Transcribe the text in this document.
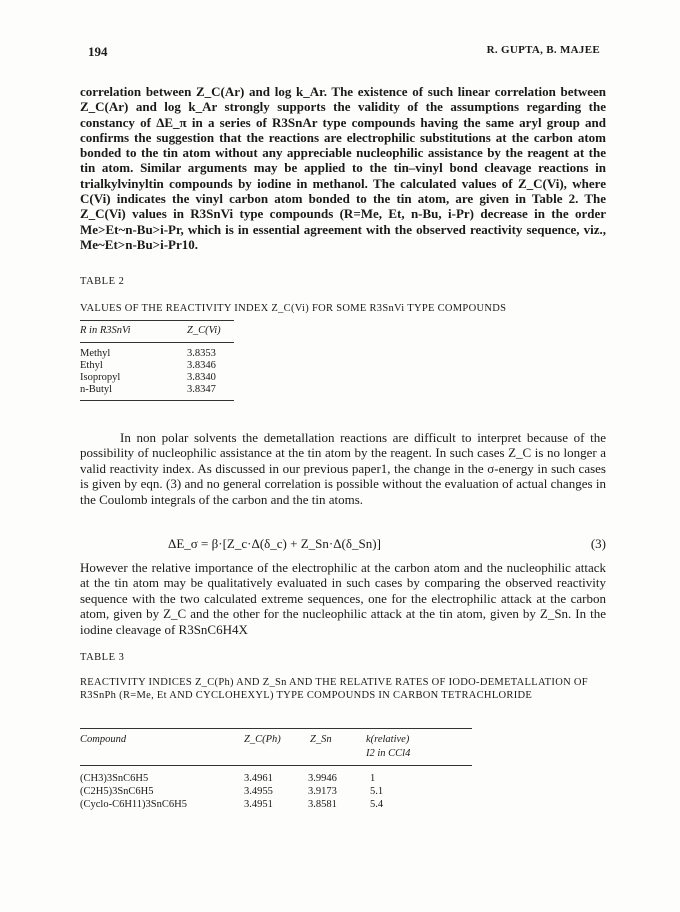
194	R. GUPTA, B. MAJEE

correlation between Z_C(Ar) and log k_Ar. The existence of such linear correlation between Z_C(Ar) and log k_Ar strongly supports the validity of the assumptions regarding the constancy of ΔE_π in a series of R3SnAr type compounds having the same aryl group and confirms the suggestion that the reactions are electrophilic substitutions at the carbon atom bonded to the tin atom without any appreciable nucleophilic assistance by the reagent at the tin atom. Similar arguments may be applied to the tin–vinyl bond cleavage reactions in trialkylvinyltin compounds by iodine in methanol. The calculated values of Z_C(Vi), where C(Vi) indicates the vinyl carbon atom bonded to the tin atom, are given in Table 2. The Z_C(Vi) values in R3SnVi type compounds (R=Me, Et, n-Bu, i-Pr) decrease in the order Me>Et~n-Bu>i-Pr, which is in essential agreement with the observed reactivity sequence, viz., Me~Et>n-Bu>i-Pr10.

TABLE 2
VALUES OF THE REACTIVITY INDEX Z_C(Vi) FOR SOME R3SnVi TYPE COMPOUNDS
R in R3SnVi	Z_C(Vi)
Methyl	3.8353
Ethyl	3.8346
Isopropyl	3.8340
n-Butyl	3.8347

In non polar solvents the demetallation reactions are difficult to interpret because of the possibility of nucleophilic assistance at the tin atom by the reagent. In such cases Z_C is no longer a valid reactivity index. As discussed in our previous paper1, the change in the σ-energy in such cases is given by eqn. (3) and no general correlation is possible without the evaluation of actual changes in the Coulomb integrals of the carbon and the tin atoms.

ΔE_σ = β·[Z_c·Δ(δ_c) + Z_Sn·Δ(δ_Sn)]	(3)

However the relative importance of the electrophilic at the carbon atom and the nucleophilic attack at the tin atom may be qualitatively evaluated in such cases by comparing the observed reactivity sequence with the two calculated extreme sequences, one for the electrophilic attack at the carbon atom, given by Z_C and the other for the nucleophilic attack at the tin atom, given by Z_Sn. In the iodine cleavage of R3SnC6H4X

TABLE 3
REACTIVITY INDICES Z_C(Ph) AND Z_Sn AND THE RELATIVE RATES OF IODO-DEMETALLATION OF R3SnPh (R=Me, Et AND CYCLOHEXYL) TYPE COMPOUNDS IN CARBON TETRACHLORIDE
Compound	Z_C(Ph)	Z_Sn	k(relative)
I2 in CCl4
(CH3)3SnC6H5	3.4961	3.9946	1
(C2H5)3SnC6H5	3.4955	3.9173	5.1
(Cyclo-C6H11)3SnC6H5	3.4951	3.8581	5.4
